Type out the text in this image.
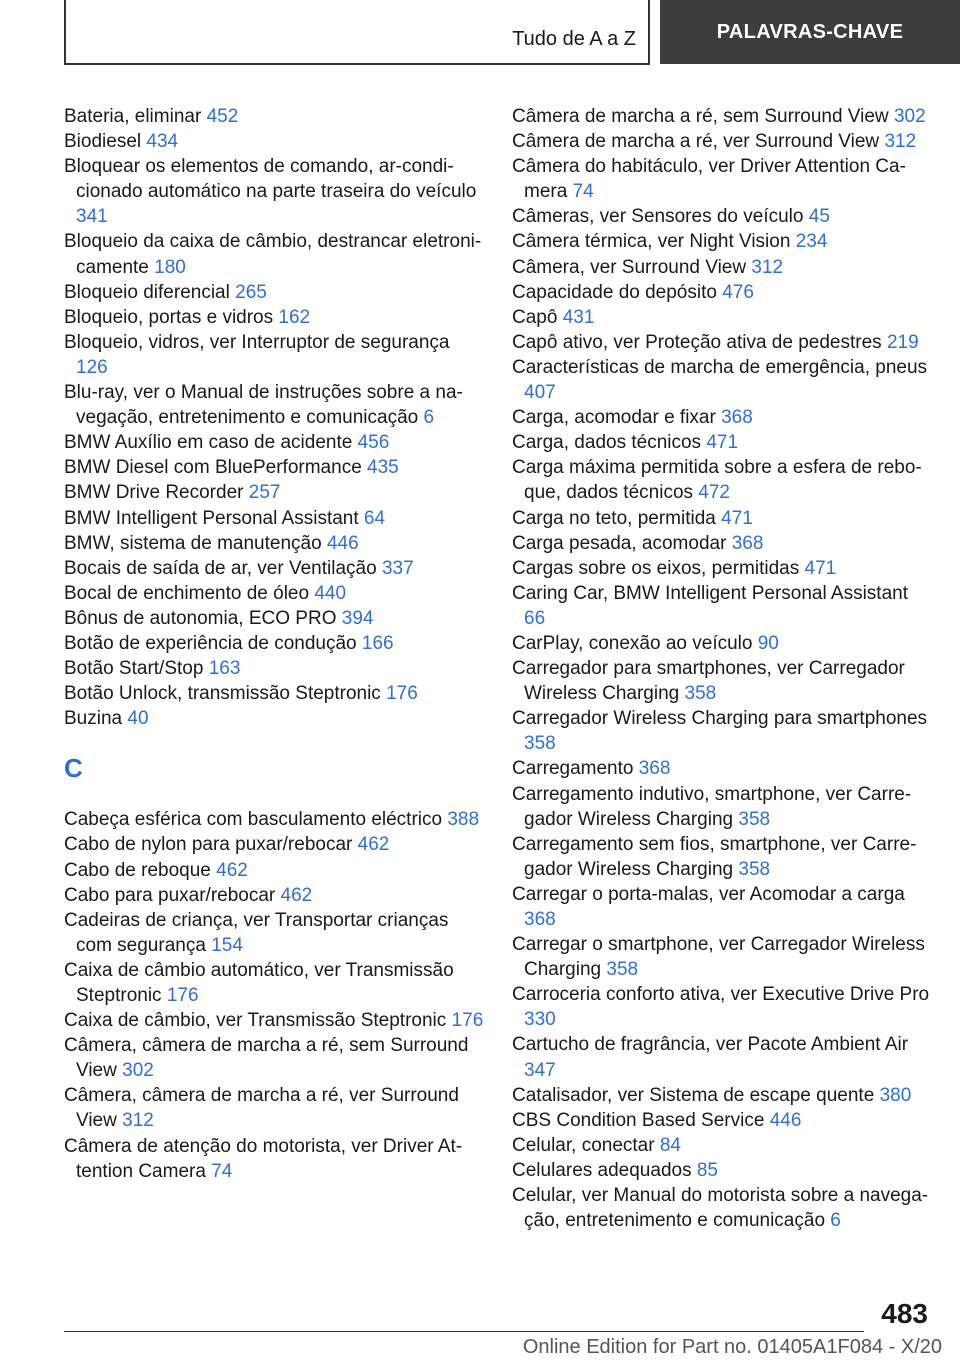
Tudo de A a Z	PALAVRAS-CHAVE

Bateria, eliminar 452

Biodiesel 434

Bloquear os elementos de comando, ar-condicionado automático na parte traseira do veículo 341

Bloqueio da caixa de câmbio, destrancar eletronicamente 180

Bloqueio diferencial 265

Bloqueio, portas e vidros 162

Bloqueio, vidros, ver Interruptor de segurança 126

Blu-ray, ver o Manual de instruções sobre a navegação, entretenimento e comunicação 6

BMW Auxílio em caso de acidente 456

BMW Diesel com BluePerformance 435

BMW Drive Recorder 257

BMW Intelligent Personal Assistant 64

BMW, sistema de manutenção 446

Bocais de saída de ar, ver Ventilação 337

Bocal de enchimento de óleo 440

Bônus de autonomia, ECO PRO 394

Botão de experiência de condução 166

Botão Start/Stop 163

Botão Unlock, transmissão Steptronic 176

Buzina 40

C

Cabeça esférica com basculamento eléctrico 388

Cabo de nylon para puxar/rebocar 462

Cabo de reboque 462

Cabo para puxar/rebocar 462

Cadeiras de criança, ver Transportar crianças com segurança 154

Caixa de câmbio automático, ver Transmissão Steptronic 176

Caixa de câmbio, ver Transmissão Steptronic 176

Câmera, câmera de marcha a ré, sem Surround View 302

Câmera, câmera de marcha a ré, ver Surround View 312

Câmera de atenção do motorista, ver Driver Attention Camera 74

Câmera de marcha a ré, sem Surround View 302

Câmera de marcha a ré, ver Surround View 312

Câmera do habitáculo, ver Driver Attention Camera 74

Câmeras, ver Sensores do veículo 45

Câmera térmica, ver Night Vision 234

Câmera, ver Surround View 312

Capacidade do depósito 476

Capô 431

Capô ativo, ver Proteção ativa de pedestres 219

Características de marcha de emergência, pneus 407

Carga, acomodar e fixar 368

Carga, dados técnicos 471

Carga máxima permitida sobre a esfera de reboque, dados técnicos 472

Carga no teto, permitida 471

Carga pesada, acomodar 368

Cargas sobre os eixos, permitidas 471

Caring Car, BMW Intelligent Personal Assistant 66

CarPlay, conexão ao veículo 90

Carregador para smartphones, ver Carregador Wireless Charging 358

Carregador Wireless Charging para smartphones 358

Carregamento 368

Carregamento indutivo, smartphone, ver Carregador Wireless Charging 358

Carregamento sem fios, smartphone, ver Carregador Wireless Charging 358

Carregar o porta-malas, ver Acomodar a carga 368

Carregar o smartphone, ver Carregador Wireless Charging 358

Carroceria conforto ativa, ver Executive Drive Pro 330

Cartucho de fragrância, ver Pacote Ambient Air 347

Catalisador, ver Sistema de escape quente 380

CBS Condition Based Service 446

Celular, conectar 84

Celulares adequados 85

Celular, ver Manual do motorista sobre a navegação, entretenimento e comunicação 6

483
Online Edition for Part no. 01405A1F084 - X/20
